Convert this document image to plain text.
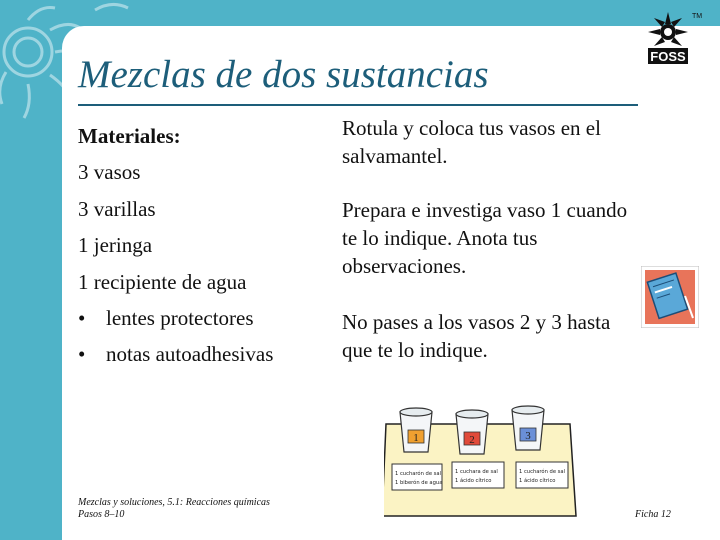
FOSS
TM
Mezclas de dos sustancias
Materiales:
3 vasos
3 varillas
1 jeringa
1 recipiente de agua
• lentes protectores
• notas autoadhesivas

Rotula y coloca tus vasos en el salvamantel.

Prepara e investiga vaso 1 cuando te lo indique. Anota tus observaciones.

No pases a los vasos 2 y 3 hasta que te lo indique.

1	2	3
1 cucharón de sal
1 biberón de agua
1 cuchara de sal
1 ácido cítrico
1 cucharón de sal
1 ácido cítrico
Mezclas y soluciones, 5.1: Reacciones químicas
Pasos 8–10	Ficha 12
